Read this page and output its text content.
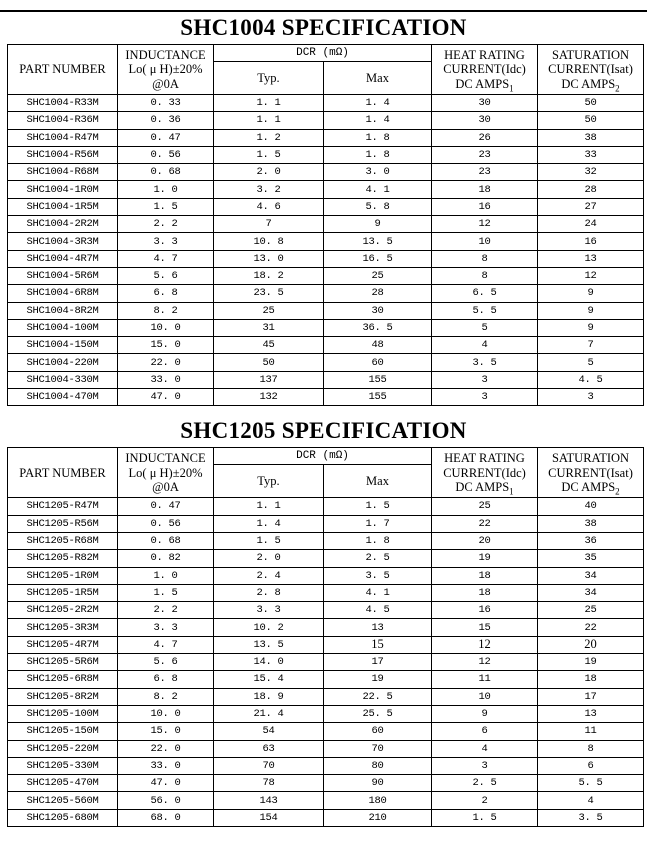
SHC1004 SPECIFICATION
PART NUMBER	INDUCTANCE
Lo( μ H)±20%
@0A	DCR (mΩ)		HEAT RATING
CURRENT(Idc)
DC $AMPS_1$	SATURATION
CURRENT(Isat)
DC $AMPS_2$

		Typ.	Max		
SHC1004-R33M	0. 33	1. 1	1. 4	30	50
SHC1004-R36M	0. 36	1. 1	1. 4	30	50
SHC1004-R47M	0. 47	1. 2	1. 8	26	38
SHC1004-R56M	0. 56	1. 5	1. 8	23	33
SHC1004-R68M	0. 68	2. 0	3. 0	23	32
SHC1004-1R0M	1. 0	3. 2	4. 1	18	28
SHC1004-1R5M	1. 5	4. 6	5. 8	16	27
SHC1004-2R2M	2. 2	7	9	12	24
SHC1004-3R3M	3. 3	10. 8	13. 5	10	16
SHC1004-4R7M	4. 7	13. 0	16. 5	8	13
SHC1004-5R6M	5. 6	18. 2	25	8	12
SHC1004-6R8M	6. 8	23. 5	28	6. 5	9
SHC1004-8R2M	8. 2	25	30	5. 5	9
SHC1004-100M	10. 0	31	36. 5	5	9
SHC1004-150M	15. 0	45	48	4	7
SHC1004-220M	22. 0	50	60	3. 5	5
SHC1004-330M	33. 0	137	155	3	4. 5
SHC1004-470M	47. 0	132	155	3	3
SHC1205 SPECIFICATION
PART NUMBER	INDUCTANCE
Lo( μ H)±20%
@0A	DCR (mΩ)		HEAT RATING
CURRENT(Idc)
DC $AMPS_1$	SATURATION
CURRENT(Isat)
DC $AMPS_2$

		Typ.	Max		
SHC1205-R47M	0. 47	1. 1	1. 5	25	40
SHC1205-R56M	0. 56	1. 4	1. 7	22	38
SHC1205-R68M	0. 68	1. 5	1. 8	20	36
SHC1205-R82M	0. 82	2. 0	2. 5	19	35
SHC1205-1R0M	1. 0	2. 4	3. 5	18	34
SHC1205-1R5M	1. 5	2. 8	4. 1	18	34
SHC1205-2R2M	2. 2	3. 3	4. 5	16	25
SHC1205-3R3M	3. 3	10. 2	13	15	22
SHC1205-4R7M	4. 7	13. 5	15	12	20
SHC1205-5R6M	5. 6	14. 0	17	12	19
SHC1205-6R8M	6. 8	15. 4	19	11	18
SHC1205-8R2M	8. 2	18. 9	22. 5	10	17
SHC1205-100M	10. 0	21. 4	25. 5	9	13
SHC1205-150M	15. 0	54	60	6	11
SHC1205-220M	22. 0	63	70	4	8
SHC1205-330M	33. 0	70	80	3	6
SHC1205-470M	47. 0	78	90	2. 5	5. 5
SHC1205-560M	56. 0	143	180	2	4
SHC1205-680M	68. 0	154	210	1. 5	3. 5
